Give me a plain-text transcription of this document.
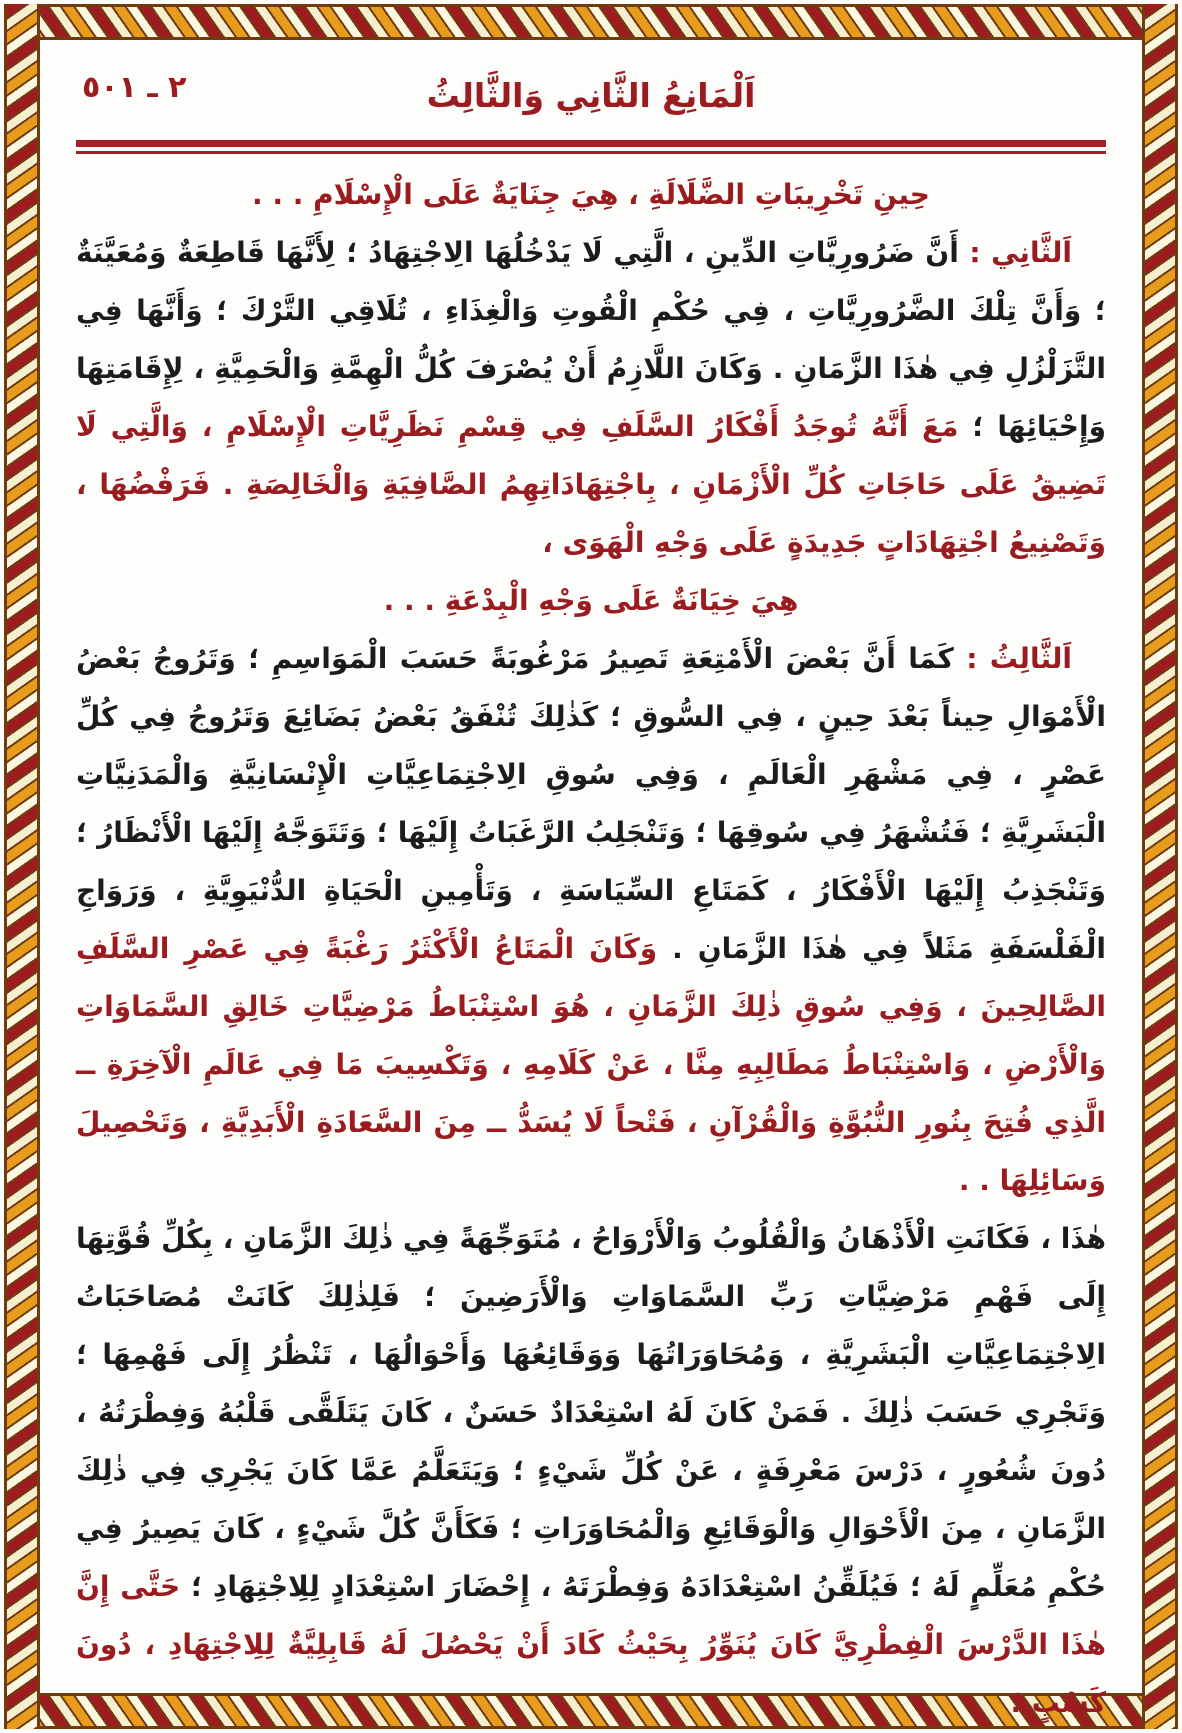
٢ ـ ٥٠١	اَلْمَانِعُ الثَّانِي وَالثَّالِثُ

حِينِ تَخْرِيبَاتِ الضَّلَالَةِ ، هِيَ جِنَايَةٌ عَلَى الْإِسْلَامِ . . .

اَلثَّانِي : أَنَّ ضَرُورِيَّاتِ الدِّينِ ، الَّتِي لَا يَدْخُلُهَا الِاجْتِهَادُ ؛ لِأَنَّهَا قَاطِعَةٌ وَمُعَيَّنَةٌ ؛ وَأَنَّ تِلْكَ الضَّرُورِيَّاتِ ، فِي حُكْمِ الْقُوتِ وَالْغِذَاءِ ، تُلَاقِي التَّرْكَ ؛ وَأَنَّهَا فِي التَّزَلْزُلِ فِي هٰذَا الزَّمَانِ . وَكَانَ اللَّازِمُ أَنْ يُصْرَفَ كُلُّ الْهِمَّةِ وَالْحَمِيَّةِ ، لِإِقَامَتِهَا وَإِحْيَائِهَا ؛ مَعَ أَنَّهُ تُوجَدُ أَفْكَارُ السَّلَفِ فِي قِسْمِ نَظَرِيَّاتِ الْإِسْلَامِ ، وَالَّتِي لَا تَضِيقُ عَلَى حَاجَاتِ كُلِّ الْأَزْمَانِ ، بِاجْتِهَادَاتِهِمُ الصَّافِيَةِ وَالْخَالِصَةِ . فَرَفْضُهَا ، وَتَصْنِيعُ اجْتِهَادَاتٍ جَدِيدَةٍ عَلَى وَجْهِ الْهَوَى ،

هِيَ خِيَانَةٌ عَلَى وَجْهِ الْبِدْعَةِ . . .

اَلثَّالِثُ : كَمَا أَنَّ بَعْضَ الْأَمْتِعَةِ تَصِيرُ مَرْغُوبَةً حَسَبَ الْمَوَاسِمِ ؛ وَتَرُوجُ بَعْضُ الْأَمْوَالِ حِيناً بَعْدَ حِينٍ ، فِي السُّوقِ ؛ كَذٰلِكَ تُنْفَقُ بَعْضُ بَضَائِعَ وَتَرُوجُ فِي كُلِّ عَصْرٍ ، فِي مَشْهَرِ الْعَالَمِ ، وَفِي سُوقِ الِاجْتِمَاعِيَّاتِ الْإِنْسَانِيَّةِ وَالْمَدَنِيَّاتِ الْبَشَرِيَّةِ ؛ فَتُشْهَرُ فِي سُوقِهَا ؛ وَتَنْجَلِبُ الرَّغَبَاتُ إِلَيْهَا ؛ وَتَتَوَجَّهُ إِلَيْهَا الْأَنْظَارُ ؛ وَتَنْجَذِبُ إِلَيْهَا الْأَفْكَارُ ، كَمَتَاعِ السِّيَاسَةِ ، وَتَأْمِينِ الْحَيَاةِ الدُّنْيَوِيَّةِ ، وَرَوَاجِ الْفَلْسَفَةِ مَثَلاً فِي هٰذَا الزَّمَانِ . وَكَانَ الْمَتَاعُ الْأَكْثَرُ رَغْبَةً فِي عَصْرِ السَّلَفِ الصَّالِحِينَ ، وَفِي سُوقِ ذٰلِكَ الزَّمَانِ ، هُوَ اسْتِنْبَاطُ مَرْضِيَّاتِ خَالِقِ السَّمَاوَاتِ وَالْأَرْضِ ، وَاسْتِنْبَاطُ مَطَالِبِهِ مِنَّا ، عَنْ كَلَامِهِ ، وَتَكْسِيبَ مَا فِي عَالَمِ الْآخِرَةِ ــ الَّذِي فُتِحَ بِنُورِ النُّبُوَّةِ وَالْقُرْآنِ ، فَتْحاً لَا يُسَدُّ ــ مِنَ السَّعَادَةِ الْأَبَدِيَّةِ ، وَتَحْصِيلَ وَسَائِلِهَا . .

هٰذَا ، فَكَانَتِ الْأَذْهَانُ وَالْقُلُوبُ وَالْأَرْوَاحُ ، مُتَوَجِّهَةً فِي ذٰلِكَ الزَّمَانِ ، بِكُلِّ قُوَّتِهَا إِلَى فَهْمِ مَرْضِيَّاتِ رَبِّ السَّمَاوَاتِ وَالْأَرَضِينَ ؛ فَلِذٰلِكَ كَانَتْ مُصَاحَبَاتُ الِاجْتِمَاعِيَّاتِ الْبَشَرِيَّةِ ، وَمُحَاوَرَاتُهَا وَوَقَائِعُهَا وَأَحْوَالُهَا ، تَنْظُرُ إِلَى فَهْمِهَا ؛ وَتَجْرِي حَسَبَ ذٰلِكَ . فَمَنْ كَانَ لَهُ اسْتِعْدَادٌ حَسَنٌ ، كَانَ يَتَلَقَّى قَلْبُهُ وَفِطْرَتُهُ ، دُونَ شُعُورٍ ، دَرْسَ مَعْرِفَةٍ ، عَنْ كُلِّ شَيْءٍ ؛ وَيَتَعَلَّمُ عَمَّا كَانَ يَجْرِي فِي ذٰلِكَ الزَّمَانِ ، مِنَ الْأَحْوَالِ وَالْوَقَائِعِ وَالْمُحَاوَرَاتِ ؛ فَكَأَنَّ كُلَّ شَيْءٍ ، كَانَ يَصِيرُ فِي حُكْمِ مُعَلِّمٍ لَهُ ؛ فَيُلَقِّنُ اسْتِعْدَادَهُ وَفِطْرَتَهُ ، إِحْضَارَ اسْتِعْدَادٍ لِلِاجْتِهَادِ ؛ حَتَّى إِنَّ هٰذَا الدَّرْسَ الْفِطْرِيَّ كَانَ يُنَوِّرُ بِحَيْثُ كَادَ أَنْ يَحْصُلَ لَهُ قَابِلِيَّةٌ لِلِاجْتِهَادِ ، دُونَ كَسْبٍ ؛
